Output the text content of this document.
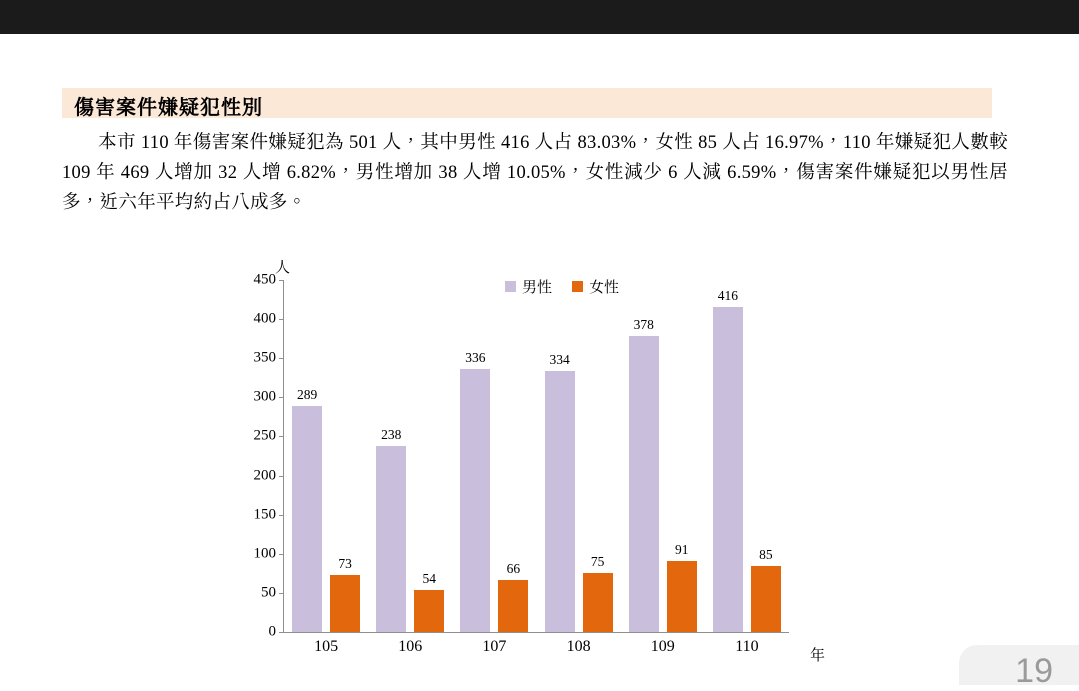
傷害案件嫌疑犯性別
本市 110 年傷害案件嫌疑犯為 501 人，其中男性 416 人占 83.03%，女性 85 人占 16.97%，110 年嫌疑犯人數較 109 年 469 人增加 32 人增 6.82%，男性增加 38 人增 10.05%，女性減少 6 人減 6.59%，傷害案件嫌疑犯以男性居多，近六年平均約占八成多。
人
年
男性 女性
0
50
100
150
200
250
300
350
400
450
289
73
105
238
54
106
336
66
107
334
75
108
378
91
109
416
85
110
19
